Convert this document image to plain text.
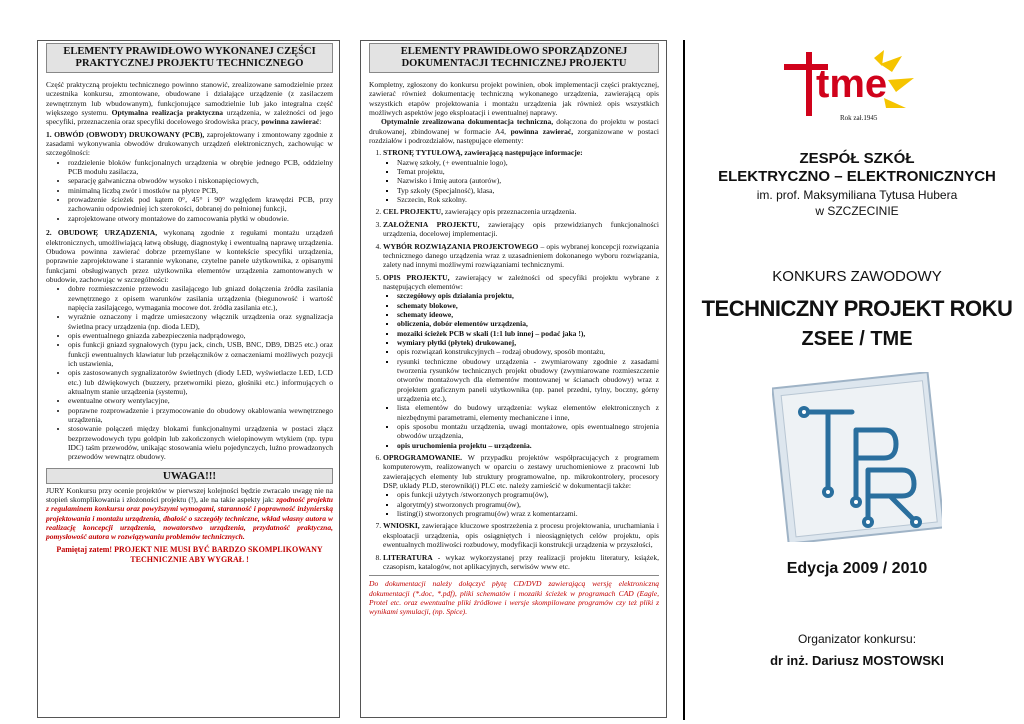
ELEMENTY PRAWIDŁOWO WYKONANEJ CZĘŚCI PRAKTYCZNEJ PROJEKTU TECHNICZNEGO

Część praktyczną projektu technicznego powinno stanowić, zrealizowane samodzielnie przez uczestnika konkursu, zmontowane, obudowane i działające urządzenie (z zasilaczem zewnętrznym lub wbudowanym), funkcjonujące samodzielnie lub jako integralna część większego systemu. Optymalna realizacja praktyczna urządzenia, w zależności od jego specyfiki, przeznaczenia oraz specyfiki docelowego środowiska pracy, powinna zawierać:

1. OBWÓD (OBWODY) DRUKOWANY (PCB), zaprojektowany i zmontowany zgodnie z zasadami wykonywania obwodów drukowanych urządzeń elektronicznych, zachowując w szczególności:

• rozdzielenie bloków funkcjonalnych urządzenia w obrębie jednego PCB, oddzielny PCB modułu zasilacza,
• separację galwaniczna obwodów wysoko i niskonapięciowych,
• minimalną liczbą zwór i mostków na płytce PCB,
• prowadzenie ścieżek pod kątem 0°, 45° i 90° względem krawędzi PCB, przy zachowaniu odpowiedniej ich szerokości, dobranej do pełnionej funkcji,
• zaprojektowane otwory montażowe do zamocowania płytki w obudowie.

2. OBUDOWĘ URZĄDZENIA, wykonaną zgodnie z regułami montażu urządzeń elektronicznych, umożliwiającą łatwą obsługę, diagnostykę i ewentualną naprawę urządzenia. Obudowa powinna zawierać dobrze przemyślane w kontekście specyfiki urządzenia, poprawnie zaprojektowane i starannie wykonane, czytelne panele użytkownika, z opisanymi funkcjami obsługiwanych przez użytkownika elementów urządzenia zamontowanych w obudowie, zachowując w szczególności:

• dobre rozmieszczenie przewodu zasilającego lub gniazd dołączenia źródła zasilania zewnętrznego z opisem warunków zasilania urządzenia (biegunowość i wartość napięcia zasilającego, wymagania mocowe dot. źródła zasilania etc.),
• wyraźnie oznaczony i mądrze umieszczony włącznik urządzenia oraz sygnalizacja świetlna pracy urządzenia (np. dioda LED),
• opis ewentualnego gniazda zabezpieczenia nadprądowego,
• opis funkcji gniazd sygnałowych (typu jack, cinch, USB, BNC, DB9, DB25 etc.) oraz funkcji ewentualnych klawiatur lub przełączników z oznaczeniami możliwych pozycji ich ustawienia,
• opis zastosowanych sygnalizatorów świetlnych (diody LED, wyświetlacze LED, LCD etc.) lub dźwiękowych (buzzery, przetworniki piezo, głośniki etc.) informujących o aktualnym stanie urządzenia (systemu),
• ewentualne otwory wentylacyjne,
• poprawne rozprowadzenie i przymocowanie do obudowy okablowania wewnętrznego urządzenia,
• stosowanie połączeń między blokami funkcjonalnymi urządzenia w postaci złącz bezprzewodowych typu goldpin lub zakończonych wielopinowym wtykiem (np. typu IDC) taśm przewodów, unikając stosowania wielu pojedynczych, luźno prowadzonych przewodów wewnątrz obudowy.
UWAGA!!!

JURY Konkursu przy ocenie projektów w pierwszej kolejności będzie zwracało uwagę nie na stopień skomplikowania i złożoności projektu (!), ale na takie aspekty jak: zgodność projektu z regulaminem konkursu oraz powyższymi wymogami, staranność i poprawność inżynierską projektowania i montażu urządzenia, dbałość o szczegóły techniczne, wkład własny autora w realizację koncepcji urządzenia, nowatorstwo urządzenia, przydatność praktyczna, pomysłowość autora w rozwiązywaniu problemów technicznych.

Pamiętaj zatem! PROJEKT NIE MUSI BYĆ BARDZO SKOMPLIKOWANY TECHNICZNIE ABY WYGRAŁ !

ELEMENTY PRAWIDŁOWO SPORZĄDZONEJ DOKUMENTACJI TECHNICZNEJ PROJEKTU

Kompletny, zgłoszony do konkursu projekt powinien, obok implementacji części praktycznej, zawierać również dokumentację techniczną wykonanego urządzenia, zawierającą opis wszystkich etapów projektowania i montażu urządzenia jak również opis wszystkich możliwych aspektów jego eksploatacji i ewentualnej naprawy.

Optymalnie zrealizowana dokumentacja techniczna, dołączona do projektu w postaci drukowanej, zbindowanej w formacie A4, powinna zawierać, zorganizowane w postaci rozdziałów i podrozdziałów, następujące elementy:

1. STRONĘ TYTUŁOWĄ, zawierającą następujące informacje:
▪ Nazwę szkoły, (+ ewentualnie logo),
▪ Temat projektu,
▪ Nazwisko i Imię autora (autorów),
▪ Typ szkoły (Specjalność), klasa,
▪ Szczecin, Rok szkolny.
2. CEL PROJEKTU, zawierający opis przeznaczenia urządzenia.
3. ZAŁOŻENIA PROJEKTU, zawierający opis przewidzianych funkcjonalności urządzenia, docelowej implementacji.
4. WYBÓR ROZWIĄZANIA PROJEKTOWEGO – opis wybranej koncepcji rozwiązania technicznego danego urządzenia wraz z uzasadnieniem dokonanego wyboru rozwiązania, zalety nad innymi możliwymi rozwiązaniami technicznymi.
5. OPIS PROJEKTU, zawierający w zależności od specyfiki projektu wybrane z następujących elementów:
▪ szczegółowy opis działania projektu,
▪ schematy blokowe,
▪ schematy ideowe,
▪ obliczenia, dobór elementów urządzenia,
▪ mozaiki ścieżek PCB w skali (1:1 lub innej – podać jaka !),
▪ wymiary płytki (płytek) drukowanej,
▪ opis rozwiązań konstrukcyjnych – rodzaj obudowy, sposób montażu,
▪ rysunki techniczne obudowy urządzenia - zwymiarowany zgodnie z zasadami tworzenia rysunków technicznych projekt obudowy (zwymiarowane rozmieszczenie otworów montażowych dla elementów montowanej w ścianach obudowy) wraz z projektem graficznym paneli użytkownika (np. panel przedni, tylny, boczny, górny urządzenia etc.),
▪ lista elementów do budowy urządzenia: wykaz elementów elektronicznych z niezbędnymi parametrami, elementy mechaniczne i inne,
▪ opis sposobu montażu urządzenia, uwagi montażowe, opis ewentualnego strojenia obwodów urządzenia,
▪ opis uruchomienia projektu – urządzenia.
6. OPROGRAMOWANIE. W przypadku projektów współpracujących z programem komputerowym, realizowanych w oparciu o zestawy uruchomieniowe z pracowni lub zawierających elementy lub struktury programowalne, np. mikrokontrolery, procesory DSP, układy PLD, sterowniki(i) PLC etc. należy zamieścić w dokumentacji także:
▪ opis funkcji użytych /stworzonych programu(ów),
▪ algorytm(y) stworzonych programu(ów),
▪ listing(i) stworzonych programu(ów) wraz z komentarzami.
7. WNIOSKI, zawierające kluczowe spostrzeżenia z procesu projektowania, uruchamiania i eksploatacji urządzenia, opis osiągniętych i nieosiągniętych celów projektu, opis ewentualnych możliwości rozbudowy, modyfikacji konstrukcji urządzenia w przyszłości,
8. LITERATURA - wykaz wykorzystanej przy realizacji projektu literatury, książek, czasopism, katalogów, not aplikacyjnych, serwisów www etc.

Do dokumentacji należy dołączyć płytę CD/DVD zawierającą wersję elektroniczną dokumentacji (*.doc, *.pdf), pliki schematów i mozaiki ścieżek w programach CAD (Eagle, Protel etc. oraz ewentualne pliki źródłowe i wersje skompilowane programów czy też pliki z wynikami symulacji, (np. Spice).

tme
Rok zał.1945
ZESPÓŁ SZKÓŁ
ELEKTRYCZNO – ELEKTRONICZNYCH
im. prof. Maksymiliana Tytusa Hubera
w SZCZECINIE
KONKURS ZAWODOWY
TECHNICZNY PROJEKT ROKU
ZSEE / TME
Edycja 2009 / 2010
Organizator konkursu:
dr inż. Dariusz MOSTOWSKI
